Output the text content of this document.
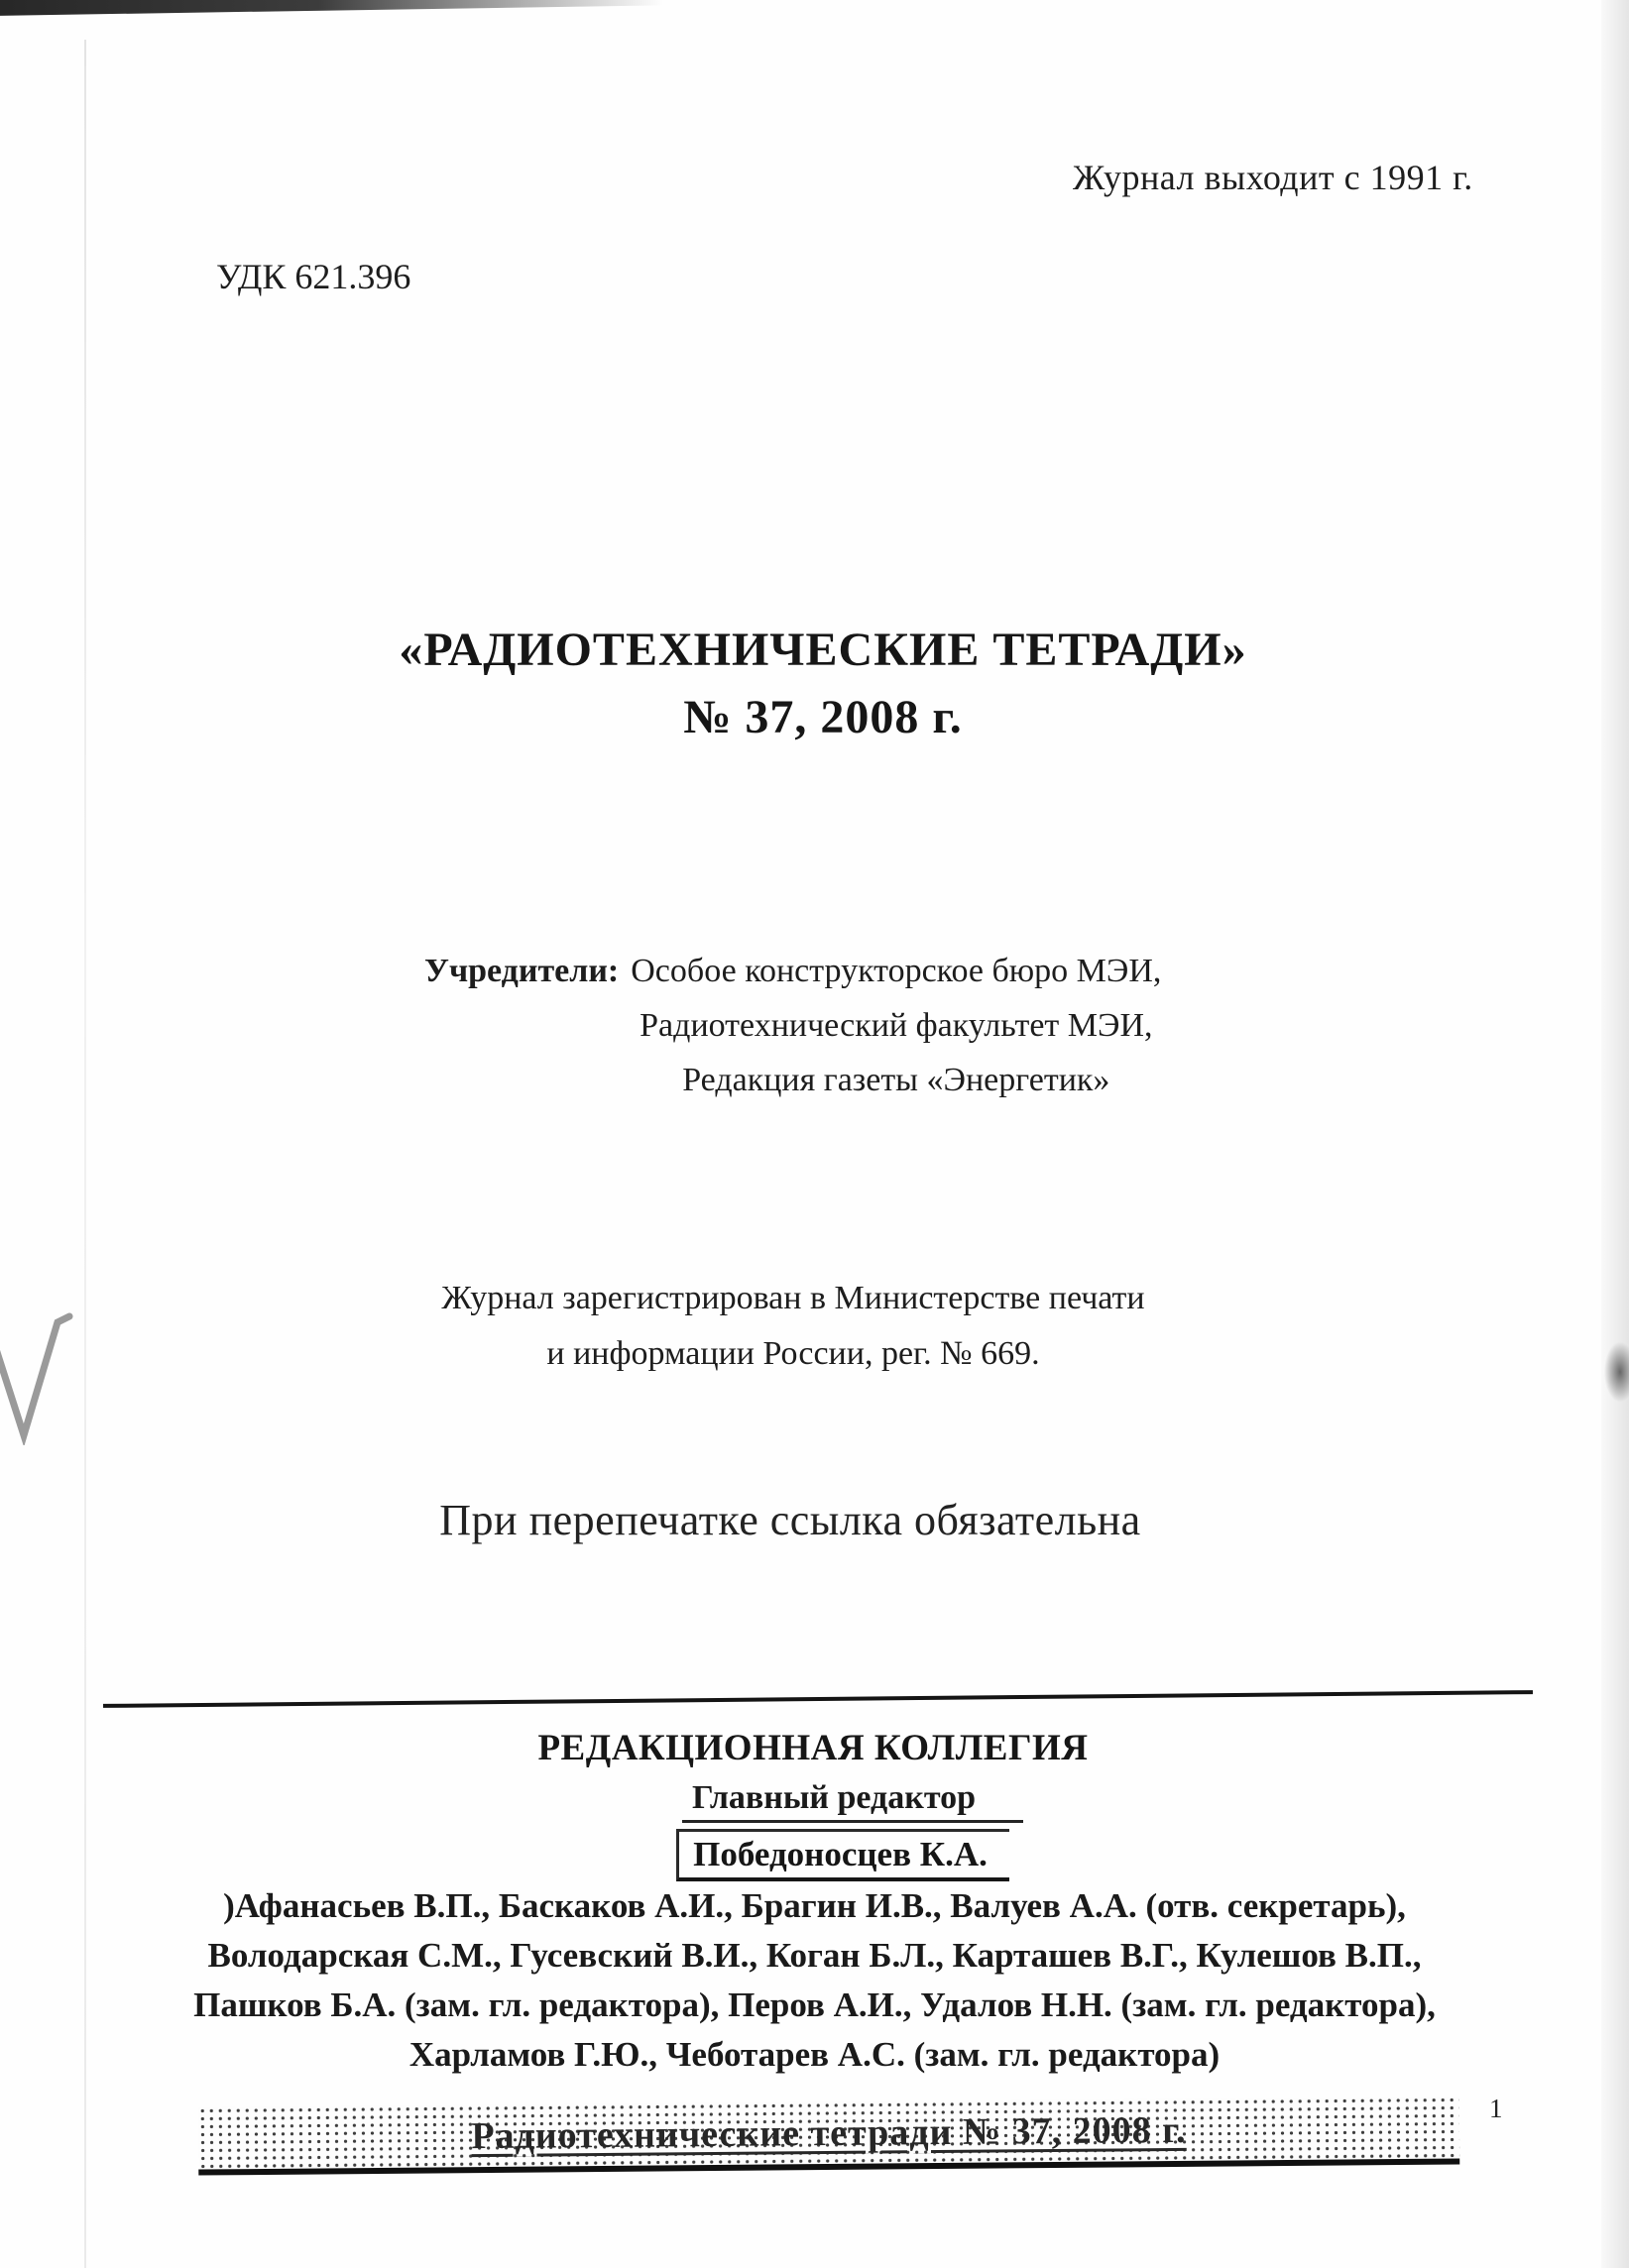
Журнал выходит с 1991 г.
УДК 621.396
«РАДИОТЕХНИЧЕСКИЕ ТЕТРАДИ»
№ 37, 2008 г.
Учредители: Особое конструкторское бюро МЭИ,
Радиотехнический факультет МЭИ,
Редакция газеты «Энергетик»
Журнал зарегистрирован в Министерстве печати
и информации России, рег. № 669.
При перепечатке ссылка обязательна
РЕДАКЦИОННАЯ КОЛЛЕГИЯ
Главный редактор
Победоносцев К.А.
)Афанасьев В.П., Баскаков А.И., Брагин И.В., Валуев А.А. (отв. секретарь),
Володарская С.М., Гусевский В.И., Коган Б.Л., Карташев В.Г., Кулешов В.П.,
Пашков Б.А. (зам. гл. редактора), Перов А.И., Удалов Н.Н. (зам. гл. редактора),
Харламов Г.Ю., Чеботарев А.С. (зам. гл. редактора)
Радиотехнические тетради № 37, 2008 г.
1
